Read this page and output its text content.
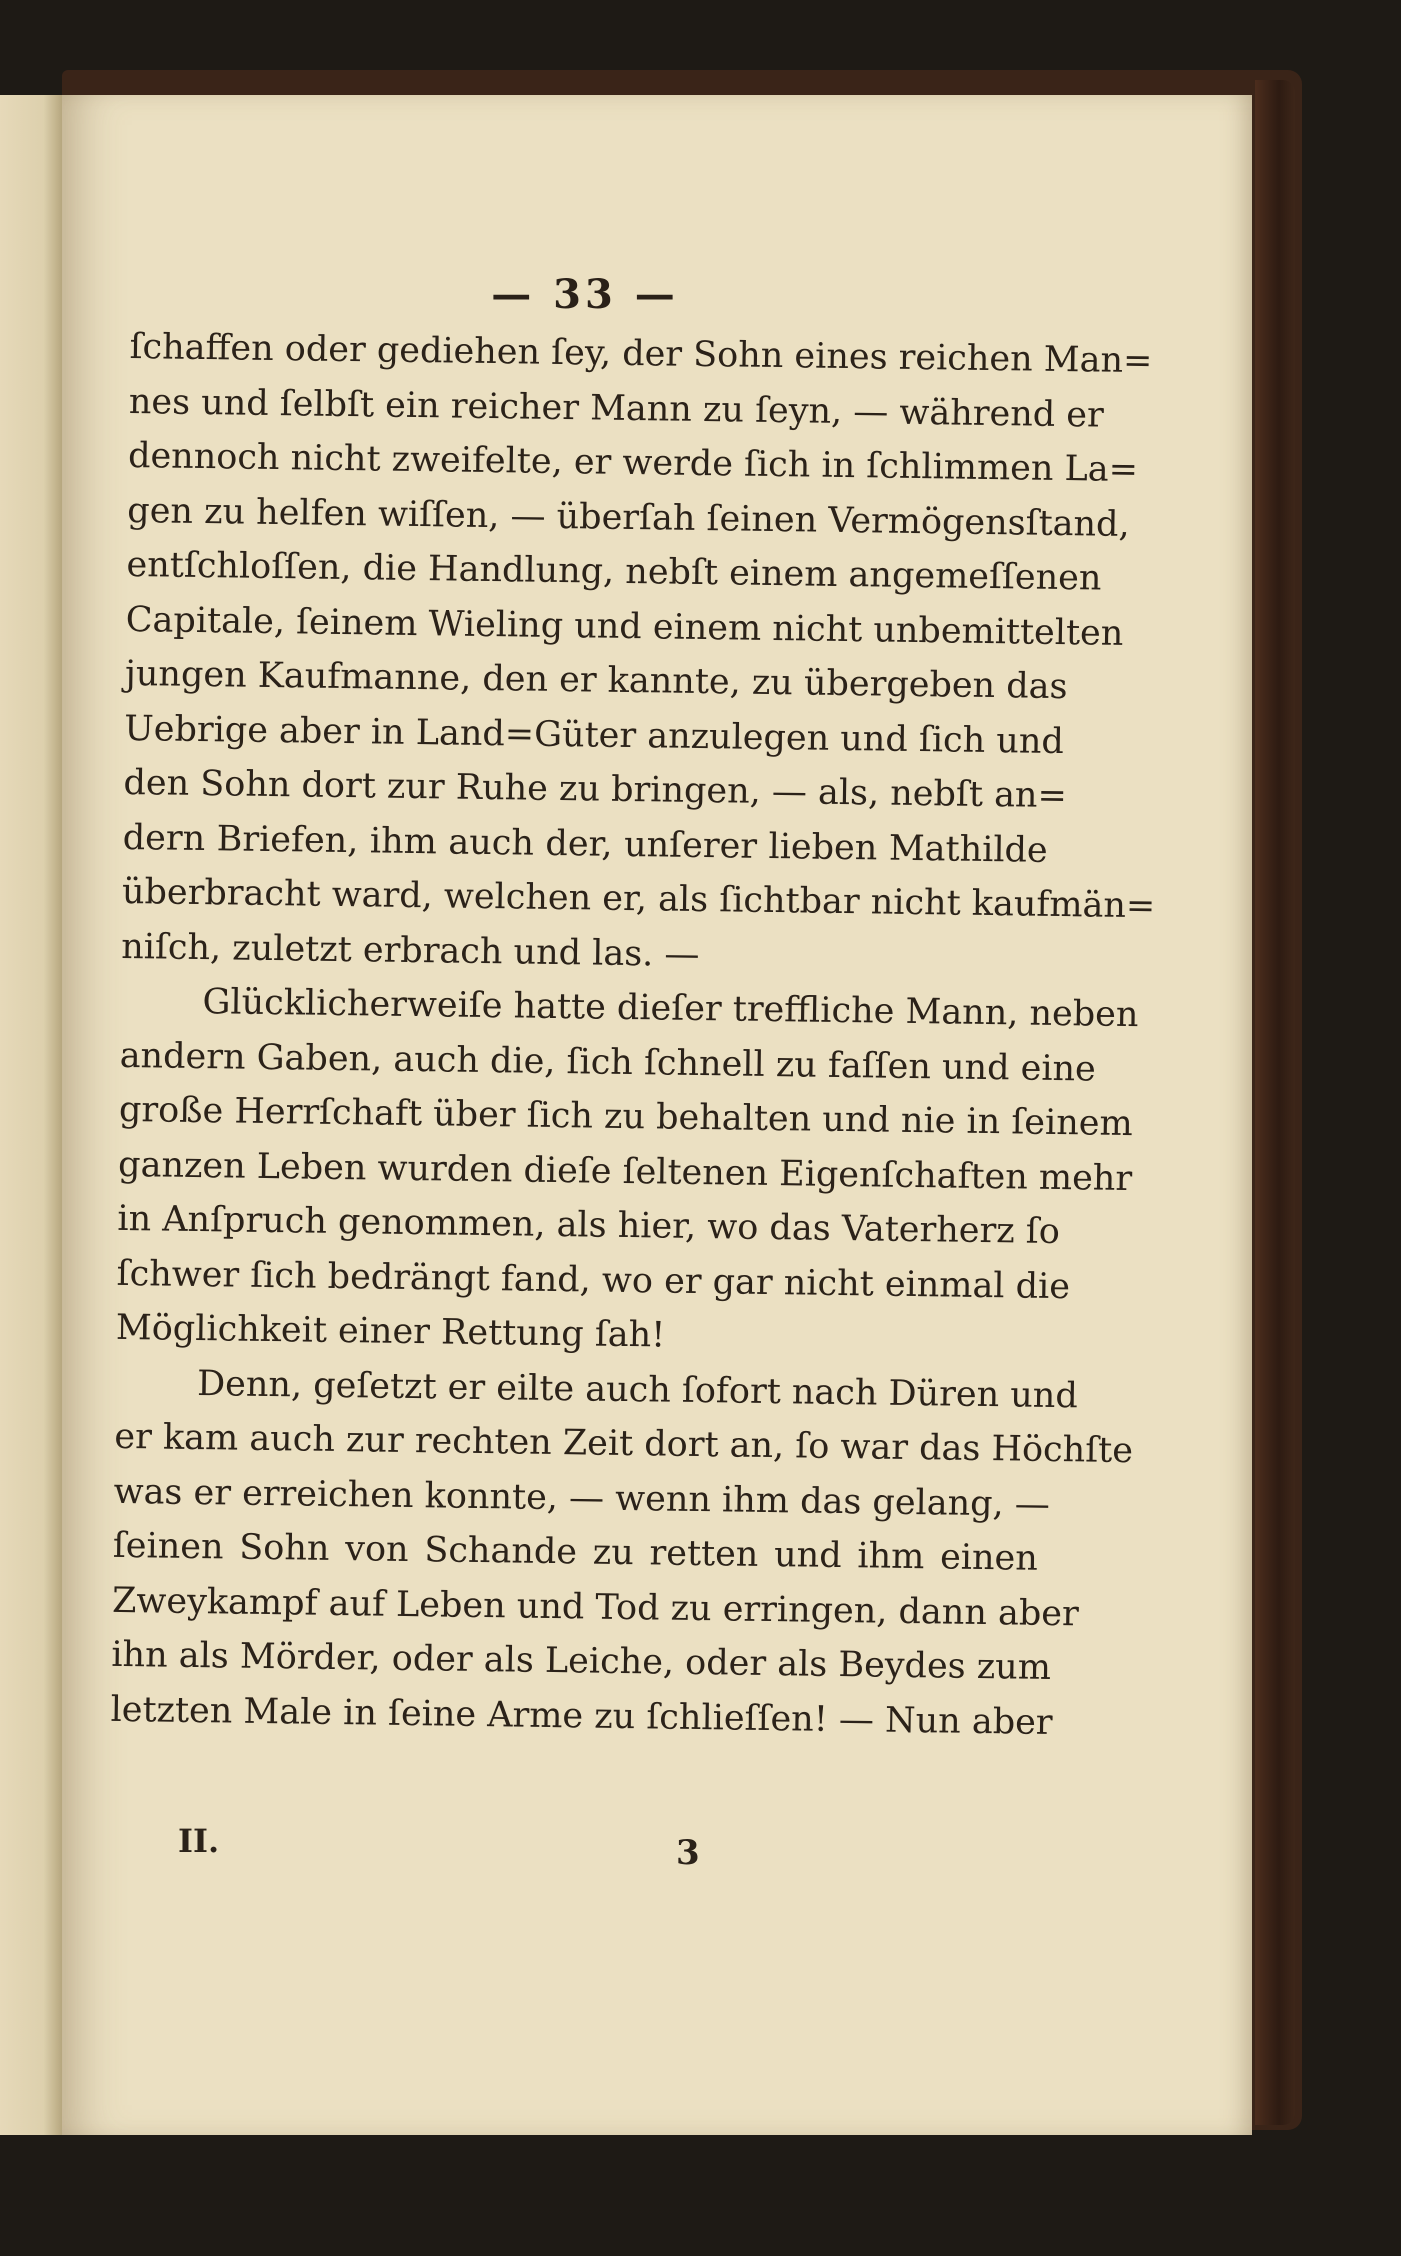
— 33 —
ſchaffen oder gediehen ſey, der Sohn eines reichen Man=
nes und ſelbſt ein reicher Mann zu ſeyn, — während er
dennoch nicht zweifelte, er werde ſich in ſchlimmen La=
gen zu helfen wiſſen, — überſah ſeinen Vermögensſtand,
entſchloſſen, die Handlung, nebſt einem angemeſſenen
Capitale, ſeinem Wieling und einem nicht unbemittelten
jungen Kaufmanne, den er kannte, zu übergeben das
Uebrige aber in Land=Güter anzulegen und ſich und
den Sohn dort zur Ruhe zu bringen, — als, nebſt an=
dern Briefen, ihm auch der, unſerer lieben Mathilde
überbracht ward, welchen er, als ſichtbar nicht kaufmän=
niſch, zuletzt erbrach und las. —
Glücklicherweiſe hatte dieſer treffliche Mann, neben
andern Gaben, auch die, ſich ſchnell zu faſſen und eine
große Herrſchaft über ſich zu behalten und nie in ſeinem
ganzen Leben wurden dieſe ſeltenen Eigenſchaften mehr
in Anſpruch genommen, als hier, wo das Vaterherz ſo
ſchwer ſich bedrängt fand, wo er gar nicht einmal die
Möglichkeit einer Rettung ſah!
Denn, geſetzt er eilte auch ſofort nach Düren und
er kam auch zur rechten Zeit dort an, ſo war das Höchſte
was er erreichen konnte, — wenn ihm das gelang, —
ſeinen Sohn von Schande zu retten und ihm einen
Zweykampf auf Leben und Tod zu erringen, dann aber
ihn als Mörder, oder als Leiche, oder als Beydes zum
letzten Male in ſeine Arme zu ſchlieſſen! — Nun aber
II.	3
